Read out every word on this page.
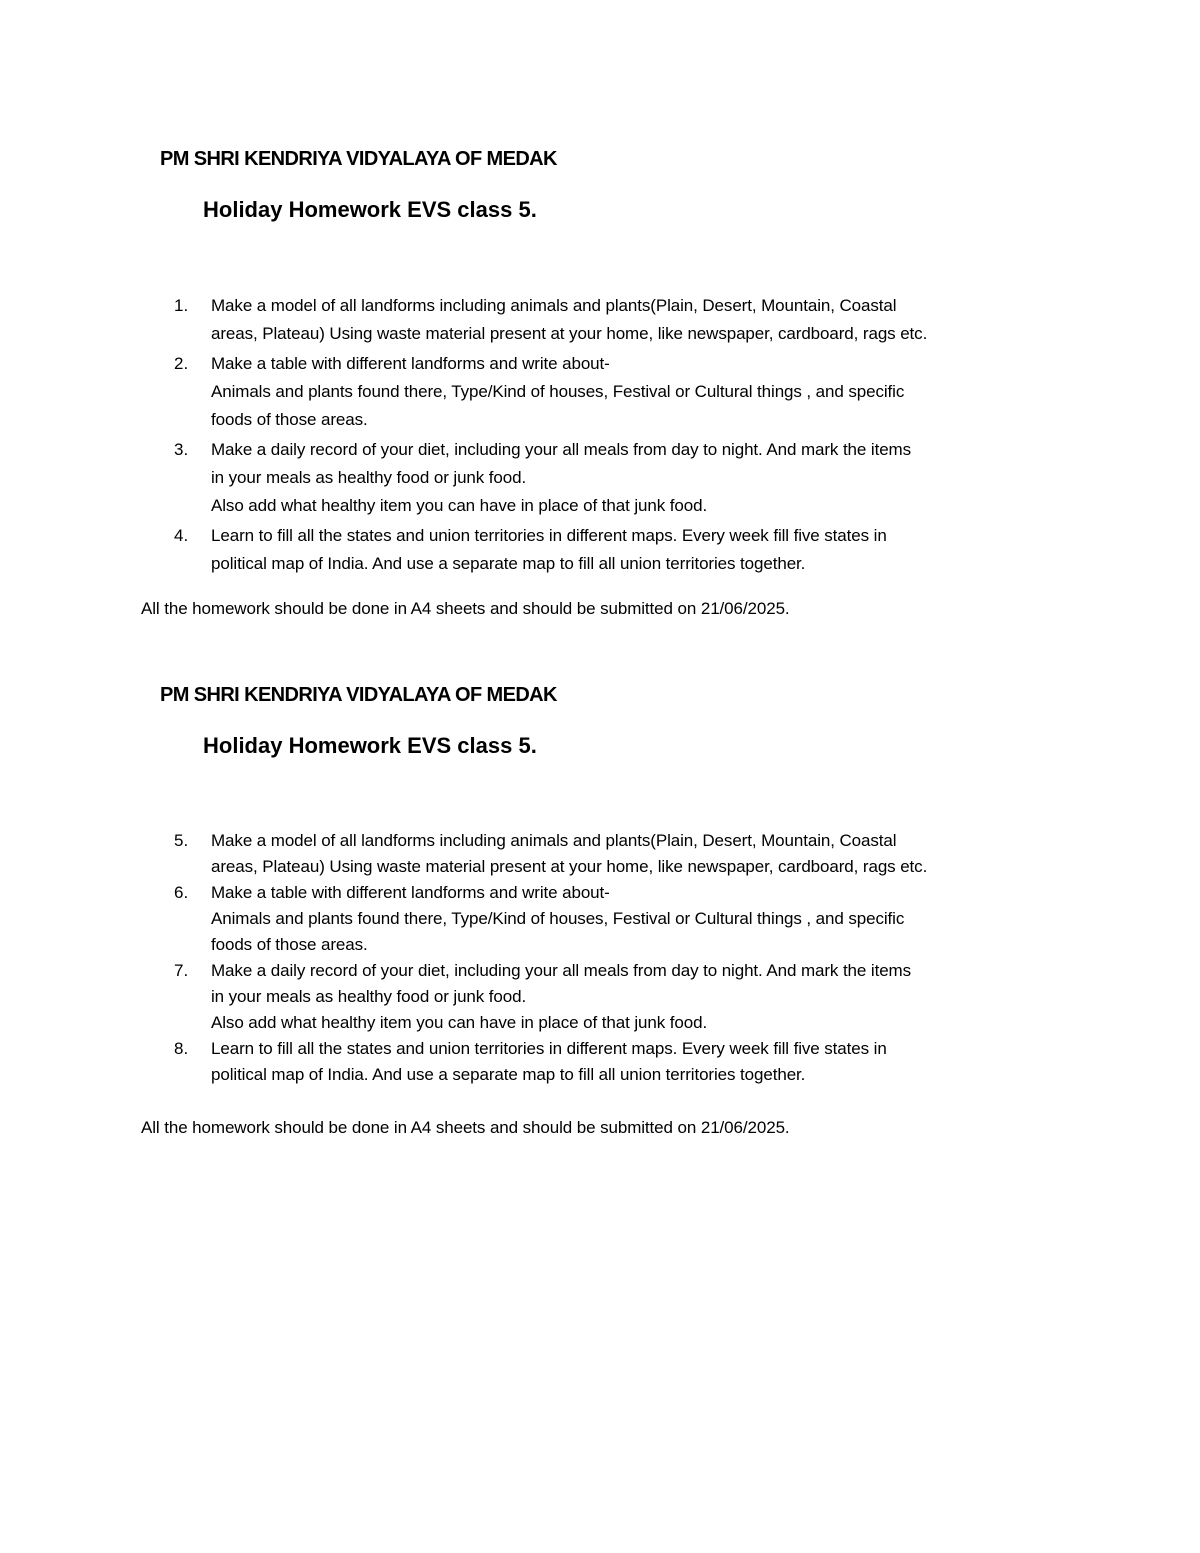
PM SHRI KENDRIYA VIDYALAYA OF MEDAK
Holiday Homework EVS class 5.
1. Make a model of all landforms including animals and plants(Plain, Desert, Mountain, Coastal
areas, Plateau) Using waste material present at your home, like newspaper, cardboard, rags etc.
2. Make a table with different landforms and write about-
Animals and plants found there, Type/Kind of houses, Festival or Cultural things , and specific
foods of those areas.
3. Make a daily record of your diet, including your all meals from day to night. And mark the items
in your meals as healthy food or junk food.
Also add what healthy item you can have in place of that junk food.
4. Learn to fill all the states and union territories in different maps. Every week fill five states in
political map of India. And use a separate map to fill all union territories together.
All the homework should be done in A4 sheets and should be submitted on 21/06/2025.
PM SHRI KENDRIYA VIDYALAYA OF MEDAK
Holiday Homework EVS class 5.
5. Make a model of all landforms including animals and plants(Plain, Desert, Mountain, Coastal
areas, Plateau) Using waste material present at your home, like newspaper, cardboard, rags etc.
6. Make a table with different landforms and write about-
Animals and plants found there, Type/Kind of houses, Festival or Cultural things , and specific
foods of those areas.
7. Make a daily record of your diet, including your all meals from day to night. And mark the items
in your meals as healthy food or junk food.
Also add what healthy item you can have in place of that junk food.
8. Learn to fill all the states and union territories in different maps. Every week fill five states in
political map of India. And use a separate map to fill all union territories together.
All the homework should be done in A4 sheets and should be submitted on 21/06/2025.
